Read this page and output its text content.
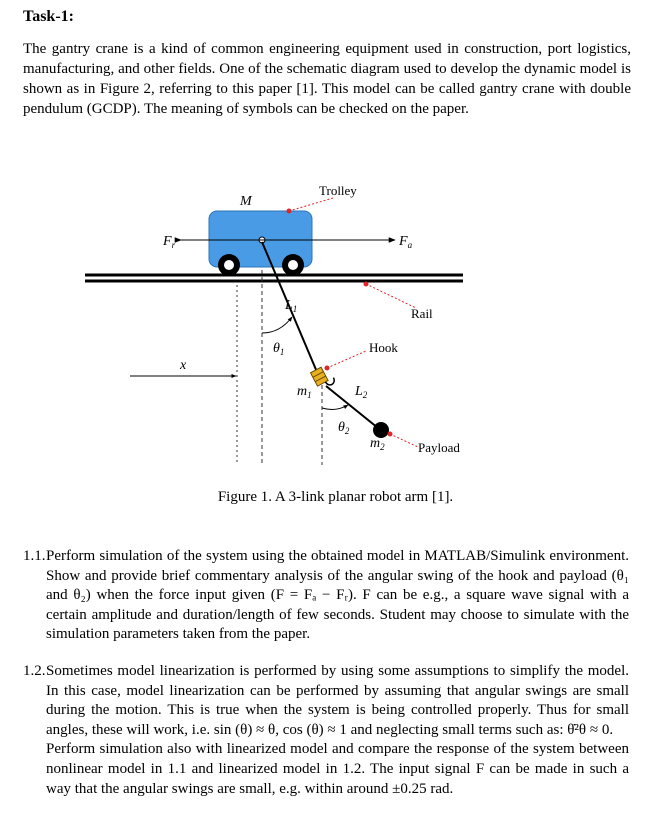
Task-1:
The gantry crane is a kind of common engineering equipment used in construction, port logistics, manufacturing, and other fields. One of the schematic diagram used to develop the dynamic model is shown as in Figure 2, referring to this paper [1]. This model can be called gantry crane with double pendulum (GCDP). The meaning of symbols can be checked on the paper.
Trolley
M
$F_r$	$F_a$
Rail
$L_1$
$\theta_1$
x
Hook
$m_1$	$L_2$
$\theta_2$
$m_2$	Payload
Figure 1. A 3-link planar robot arm [1].
1.1. Perform simulation of the system using the obtained model in MATLAB/Simulink environment. Show and provide brief commentary analysis of the angular swing of the hook and payload (θ₁ and θ₂) when the force input given (F = Fₐ − Fᵣ). F can be e.g., a square wave signal with a certain amplitude and duration/length of few seconds. Student may choose to simulate with the simulation parameters taken from the paper.
1.2. Sometimes model linearization is performed by using some assumptions to simplify the model. In this case, model linearization can be performed by assuming that angular swings are small during the motion. This is true when the system is being controlled properly. Thus for small angles, these will work, i.e. sin (θ) ≈ θ, cos (θ) ≈ 1 and neglecting small terms such as: θ̇²θ ≈ 0.
Perform simulation also with linearized model and compare the response of the system between nonlinear model in 1.1 and linearized model in 1.2. The input signal F can be made in such a way that the angular swings are small, e.g. within around ±0.25 rad.
